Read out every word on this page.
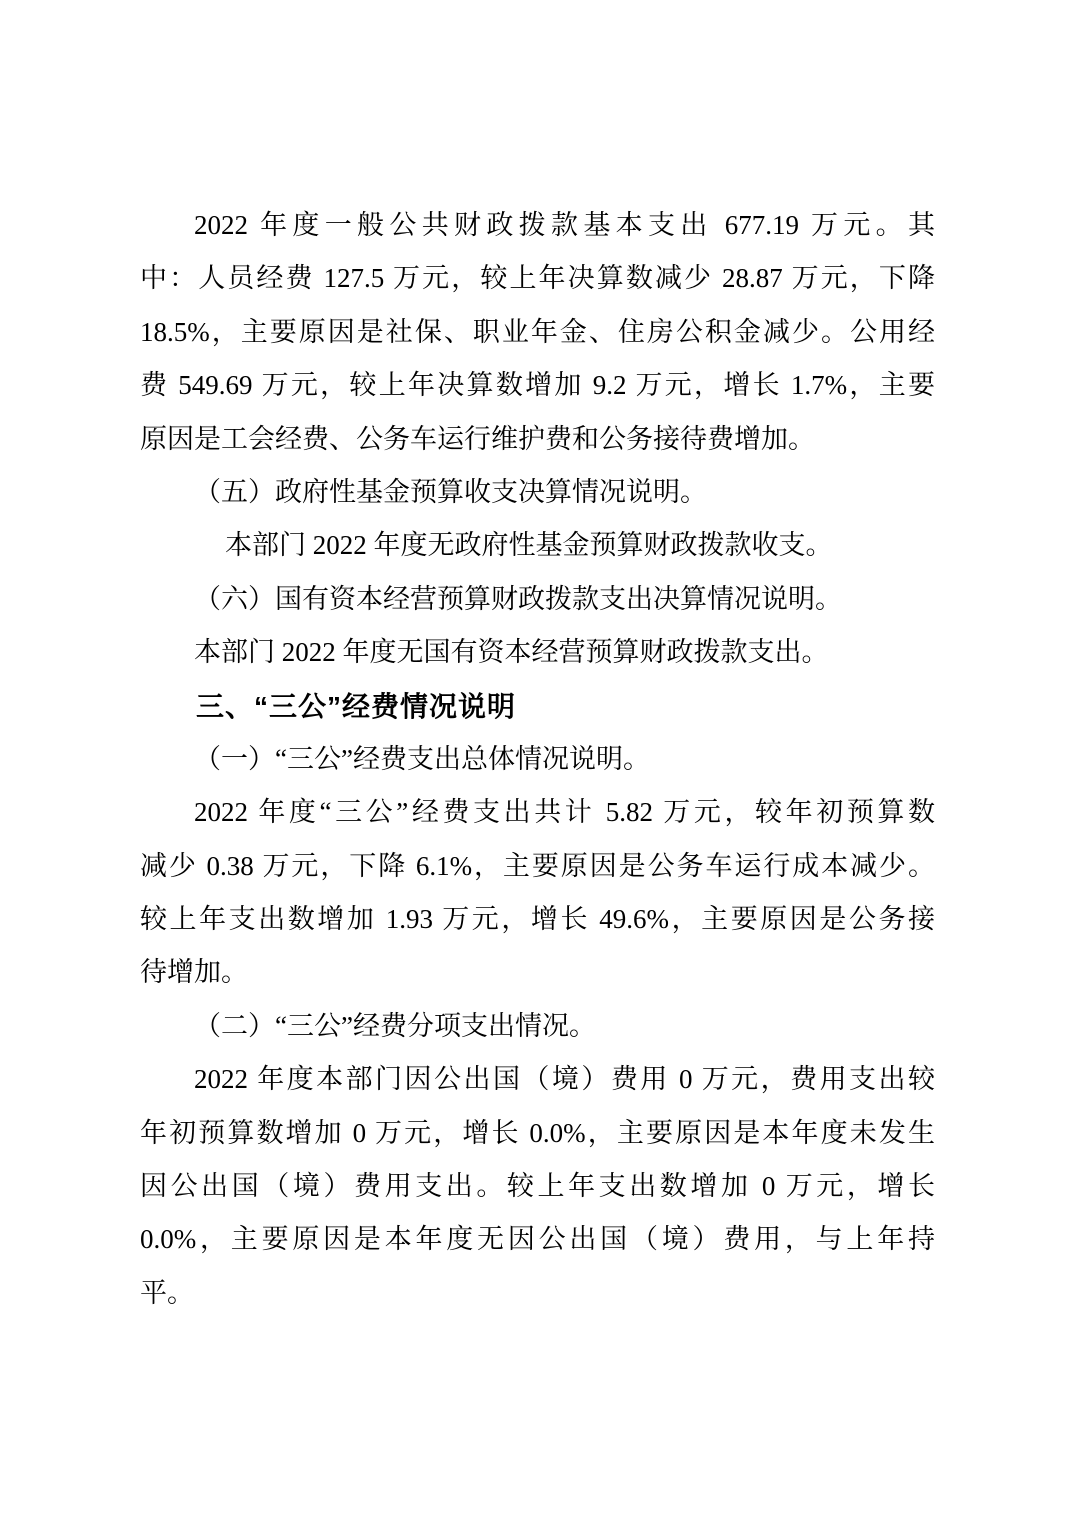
2022 年度一般公共财政拨款基本支出 677.19 万元。其
中：人员经费 127.5 万元，较上年决算数减少 28.87 万元，下降
18.5%，主要原因是社保、职业年金、住房公积金减少。公用经
费 549.69 万元，较上年决算数增加 9.2 万元，增长 1.7%，主要
原因是工会经费、公务车运行维护费和公务接待费增加。
（五）政府性基金预算收支决算情况说明。
本部门 2022 年度无政府性基金预算财政拨款收支。
（六）国有资本经营预算财政拨款支出决算情况说明。
本部门 2022 年度无国有资本经营预算财政拨款支出。
三、“三公”经费情况说明
（一）“三公”经费支出总体情况说明。
2022 年度“三公”经费支出共计 5.82 万元，较年初预算数
减少 0.38 万元，下降 6.1%，主要原因是公务车运行成本减少。
较上年支出数增加 1.93 万元，增长 49.6%，主要原因是公务接
待增加。
（二）“三公”经费分项支出情况。
2022 年度本部门因公出国（境）费用 0 万元，费用支出较
年初预算数增加 0 万元，增长 0.0%，主要原因是本年度未发生
因公出国（境）费用支出。较上年支出数增加 0 万元，增长
0.0%，主要原因是本年度无因公出国（境）费用，与上年持
平。
